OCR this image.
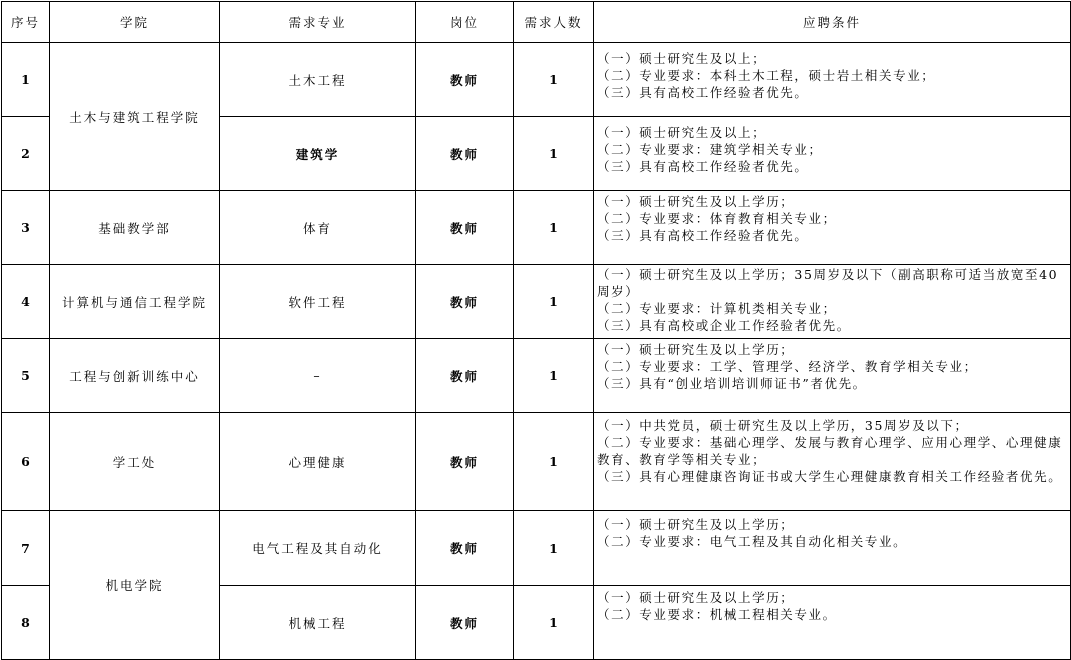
序号	学院	需求专业	岗位	需求人数	应聘条件
1	土木与建筑工程学院	土木工程	教师	1	（一）硕士研究生及以上；
（二）专业要求：本科土木工程，硕士岩土相关专业；
（三）具有高校工作经验者优先。

2		建筑学	教师	1	（一）硕士研究生及以上；
（二）专业要求：建筑学相关专业；
（三）具有高校工作经验者优先。

3	基础教学部	体育	教师	1	（一）硕士研究生及以上学历；
（二）专业要求：体育教育相关专业；
（三）具有高校工作经验者优先。

4	计算机与通信工程学院	软件工程	教师	1	（一）硕士研究生及以上学历；35周岁及以下（副高职称可适当放宽至40周岁）
（二）专业要求：计算机类相关专业；
（三）具有高校或企业工作经验者优先。

5	工程与创新训练中心	–	教师	1	（一）硕士研究生及以上学历；
（二）专业要求：工学、管理学、经济学、教育学相关专业；
（三）具有“创业培训培训师证书”者优先。

6	学工处	心理健康	教师	1	（一）中共党员，硕士研究生及以上学历，35周岁及以下；
（二）专业要求：基础心理学、发展与教育心理学、应用心理学、心理健康教育、教育学等相关专业；
（三）具有心理健康咨询证书或大学生心理健康教育相关工作经验者优先。

7	机电学院	电气工程及其自动化	教师	1	（一）硕士研究生及以上学历；
（二）专业要求：电气工程及其自动化相关专业。

8		机械工程	教师	1	（一）硕士研究生及以上学历；
（二）专业要求：机械工程相关专业。
